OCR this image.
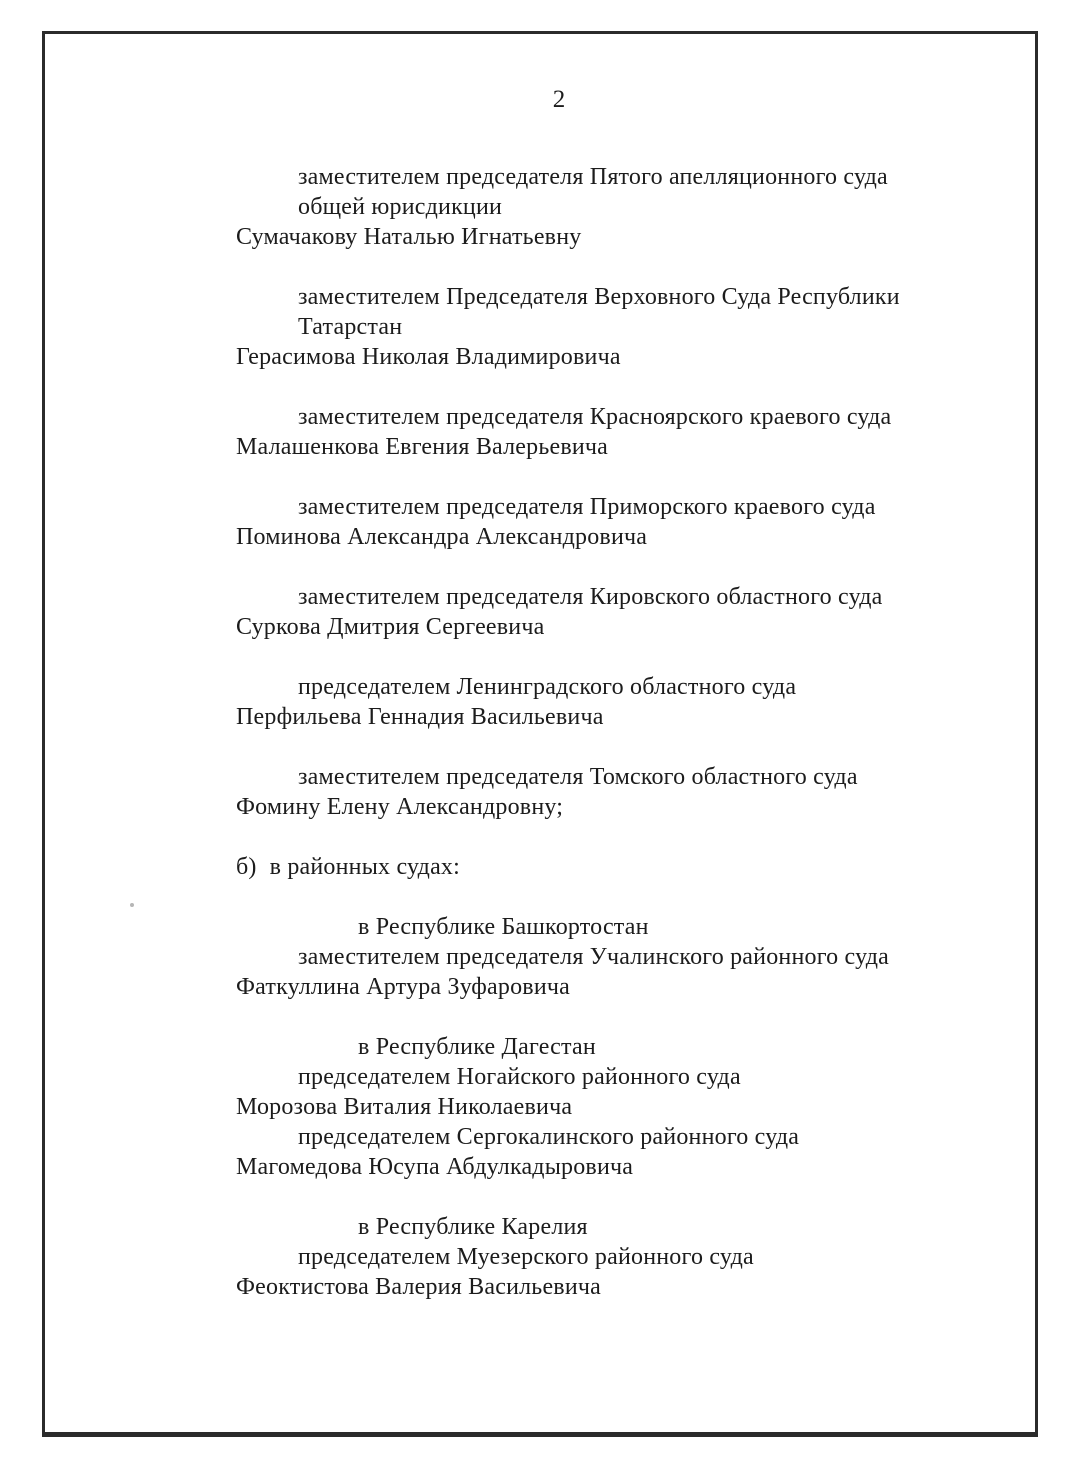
2
заместителем председателя Пятого апелляционного суда
общей юрисдикции
Сумачакову Наталью Игнатьевну
заместителем Председателя Верховного Суда Республики
Татарстан
Герасимова Николая Владимировича
заместителем председателя Красноярского краевого суда
Малашенкова Евгения Валерьевича
заместителем председателя Приморского краевого суда
Поминова Александра Александровича
заместителем председателя Кировского областного суда
Суркова Дмитрия Сергеевича
председателем Ленинградского областного суда
Перфильева Геннадия Васильевича
заместителем председателя Томского областного суда
Фомину Елену Александровну;
б) в районных судах:
в Республике Башкортостан
заместителем председателя Учалинского районного суда
Фаткуллина Артура Зуфаровича
в Республике Дагестан
председателем Ногайского районного суда
Морозова Виталия Николаевича
председателем Сергокалинского районного суда
Магомедова Юсупа Абдулкадыровича
в Республике Карелия
председателем Муезерского районного суда
Феоктистова Валерия Васильевича
